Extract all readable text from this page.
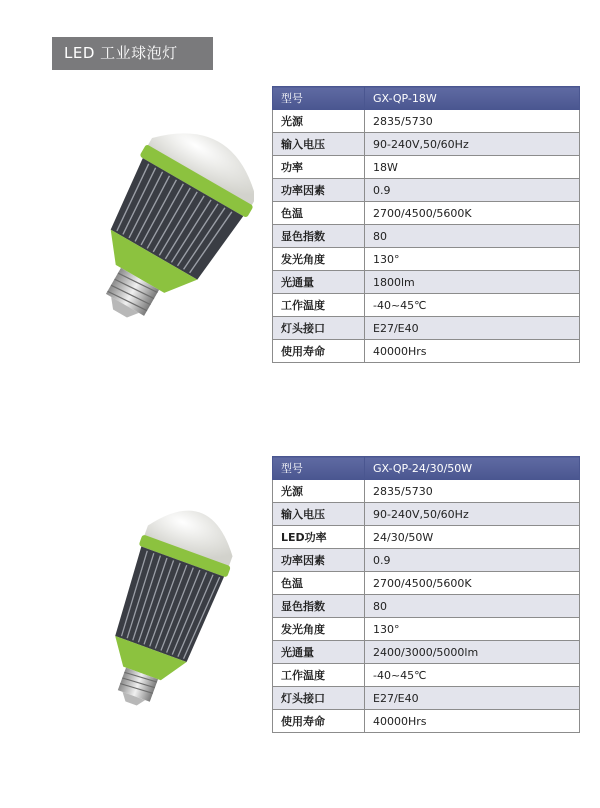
LED 工业球泡灯
型号	GX-QP-18W
光源	2835/5730
输入电压	90-240V,50/60Hz
功率	18W
功率因素	0.9
色温	2700/4500/5600K
显色指数	80
发光角度	130°
光通量	1800lm
工作温度	-40~45℃
灯头接口	E27/E40
使用寿命	40000Hrs
型号	GX-QP-24/30/50W
光源	2835/5730
输入电压	90-240V,50/60Hz
LED功率	24/30/50W
功率因素	0.9
色温	2700/4500/5600K
显色指数	80
发光角度	130°
光通量	2400/3000/5000lm
工作温度	-40~45℃
灯头接口	E27/E40
使用寿命	40000Hrs
